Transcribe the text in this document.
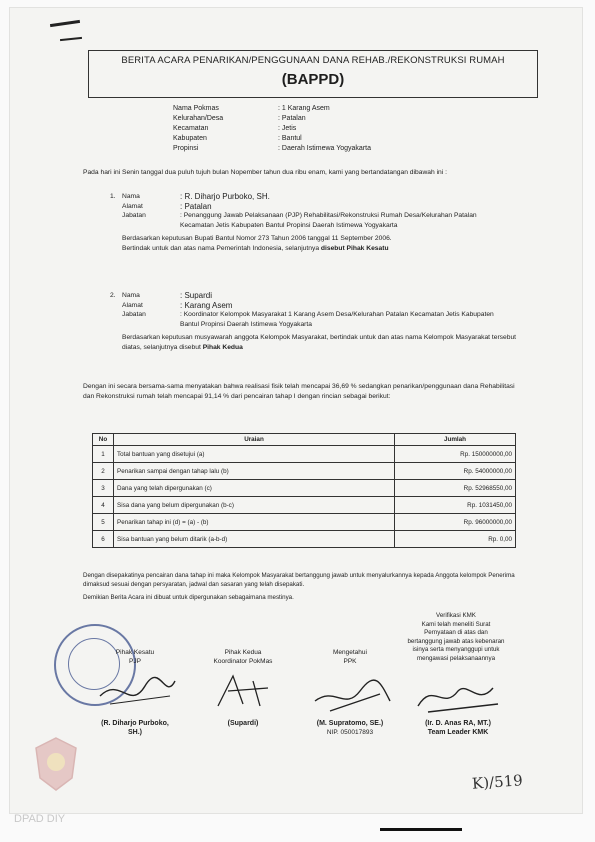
BERITA ACARA PENARIKAN/PENGGUNAAN DANA REHAB./REKONSTRUKSI RUMAH
(BAPPD)
Nama Pokmas	: 1 Karang Asem
Kelurahan/Desa	: Patalan
Kecamatan	: Jetis
Kabupaten	: Bantul
Propinsi	: Daerah Istimewa Yogyakarta

Pada hari ini Senin tanggal dua puluh tujuh bulan Nopember tahun dua ribu enam, kami yang bertandatangan dibawah ini :

1. Nama	: R. Diharjo Purboko, SH.
Alamat	: Patalan
Jabatan	: Penanggung Jawab Pelaksanaan (PJP) Rehabilitasi/Rekonstruksi Rumah Desa/Kelurahan Patalan Kecamatan Jetis Kabupaten Bantul Propinsi Daerah Istimewa Yogyakarta
Berdasarkan keputusan Bupati Bantul Nomor 273 Tahun 2006 tanggal 11 September 2006.
Bertindak untuk dan atas nama Pemerintah Indonesia, selanjutnya disebut Pihak Kesatu
2. Nama	: Supardi
Alamat	: Karang Asem
Jabatan	: Koordinator Kelompok Masyarakat 1 Karang Asem Desa/Kelurahan Patalan Kecamatan Jetis Kabupaten Bantul Propinsi Daerah Istimewa Yogyakarta
Berdasarkan keputusan musyawarah anggota Kelompok Masyarakat, bertindak untuk dan atas nama Kelompok Masyarakat tersebut diatas, selanjutnya disebut Pihak Kedua

Dengan ini secara bersama-sama menyatakan bahwa realisasi fisik telah mencapai 36,69 % sedangkan penarikan/penggunaan dana Rehabilitasi dan Rekonstruksi rumah telah mencapai 91,14 % dari pencairan tahap I dengan rincian sebagai berikut:

No	Uraian	Jumlah
1	Total bantuan yang disetujui (a)	Rp. 150000000,00
2	Penarikan sampai dengan tahap lalu (b)	Rp. 54000000,00
3	Dana yang telah dipergunakan (c)	Rp. 52968550,00
4	Sisa dana yang belum dipergunakan (b-c)	Rp. 1031450,00
5	Penarikan tahap ini (d) = (a) - (b)	Rp. 96000000,00
6	Sisa bantuan yang belum ditarik (a-b-d)	Rp. 0,00

Dengan disepakatinya pencairan dana tahap ini maka Kelompok Masyarakat bertanggung jawab untuk menyalurkannya kepada Anggota kelompok Penerima dimaksud sesuai dengan persyaratan, jadwal dan sasaran yang telah disepakati.

Demikian Berita Acara ini dibuat untuk dipergunakan sebagaimana mestinya.

Verifikasi KMK
Kami telah meneliti Surat Pernyataan di atas dan bertanggung jawab atas kebenaran isinya serta menyanggupi untuk mengawasi pelaksanaannya
Pihak Kesatu
PJP
(R. Diharjo Purboko,
SH.)
Pihak Kedua
Koordinator PokMas
(Supardi)
Mengetahui
PPK
(M. Supratomo, SE.)
NIP. 050017893
(Ir. D. Anas RA, MT.)
Team Leader KMK
K)/519
DPAD DIY
